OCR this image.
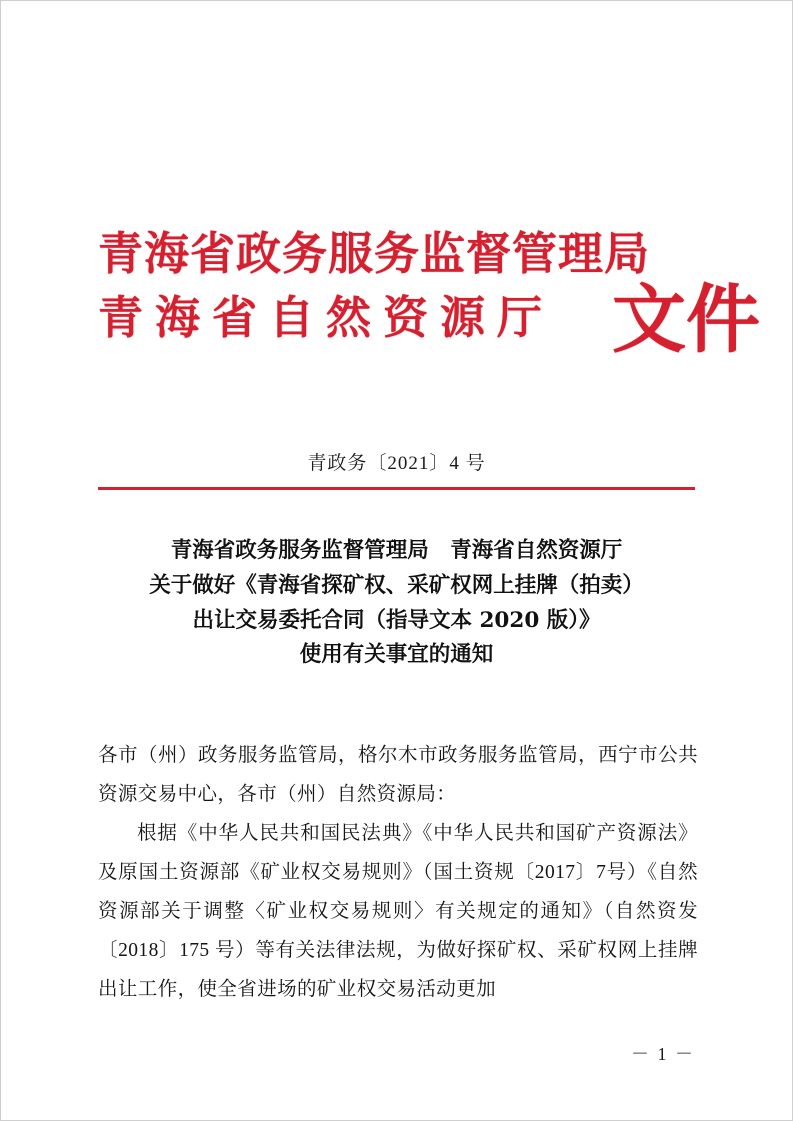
青海省政务服务监督管理局
青海省自然资源厅 文件
青政务〔2021〕4 号
青海省政务服务监督管理局　青海省自然资源厅
关于做好《青海省探矿权、采矿权网上挂牌（拍卖）
出让交易委托合同（指导文本 2020 版）》
使用有关事宜的通知

各市（州）政务服务监管局，格尔木市政务服务监管局，西宁市公共资源交易中心，各市（州）自然资源局：

根据《中华人民共和国民法典》《中华人民共和国矿产资源法》及原国土资源部《矿业权交易规则》（国土资规〔2017〕7号）《自然资源部关于调整〈矿业权交易规则〉有关规定的通知》（自然资发〔2018〕175 号）等有关法律法规，为做好探矿权、采矿权网上挂牌出让工作，使全省进场的矿业权交易活动更加

－ 1 －
